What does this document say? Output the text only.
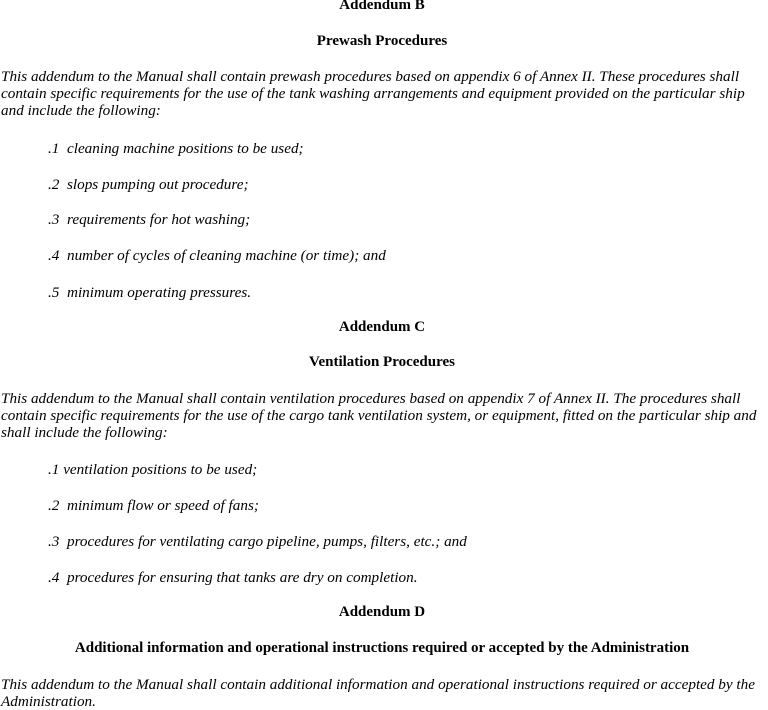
Addendum B
Prewash Procedures
This addendum to the Manual shall contain prewash procedures based on appendix 6 of Annex II. These procedures shall contain specific requirements for the use of the tank washing arrangements and equipment provided on the particular ship and include the following:
.1  cleaning machine positions to be used;
.2  slops pumping out procedure;
.3  requirements for hot washing;
.4  number of cycles of cleaning machine (or time); and
.5  minimum operating pressures.
Addendum C
Ventilation Procedures
This addendum to the Manual shall contain ventilation procedures based on appendix 7 of Annex II. The procedures shall contain specific requirements for the use of the cargo tank ventilation system, or equipment, fitted on the particular ship and shall include the following:
.1 ventilation positions to be used;
.2  minimum flow or speed of fans;
.3  procedures for ventilating cargo pipeline, pumps, filters, etc.; and
.4  procedures for ensuring that tanks are dry on completion.
Addendum D
Additional information and operational instructions required or accepted by the Administration
This addendum to the Manual shall contain additional information and operational instructions required or accepted by the Administration.
